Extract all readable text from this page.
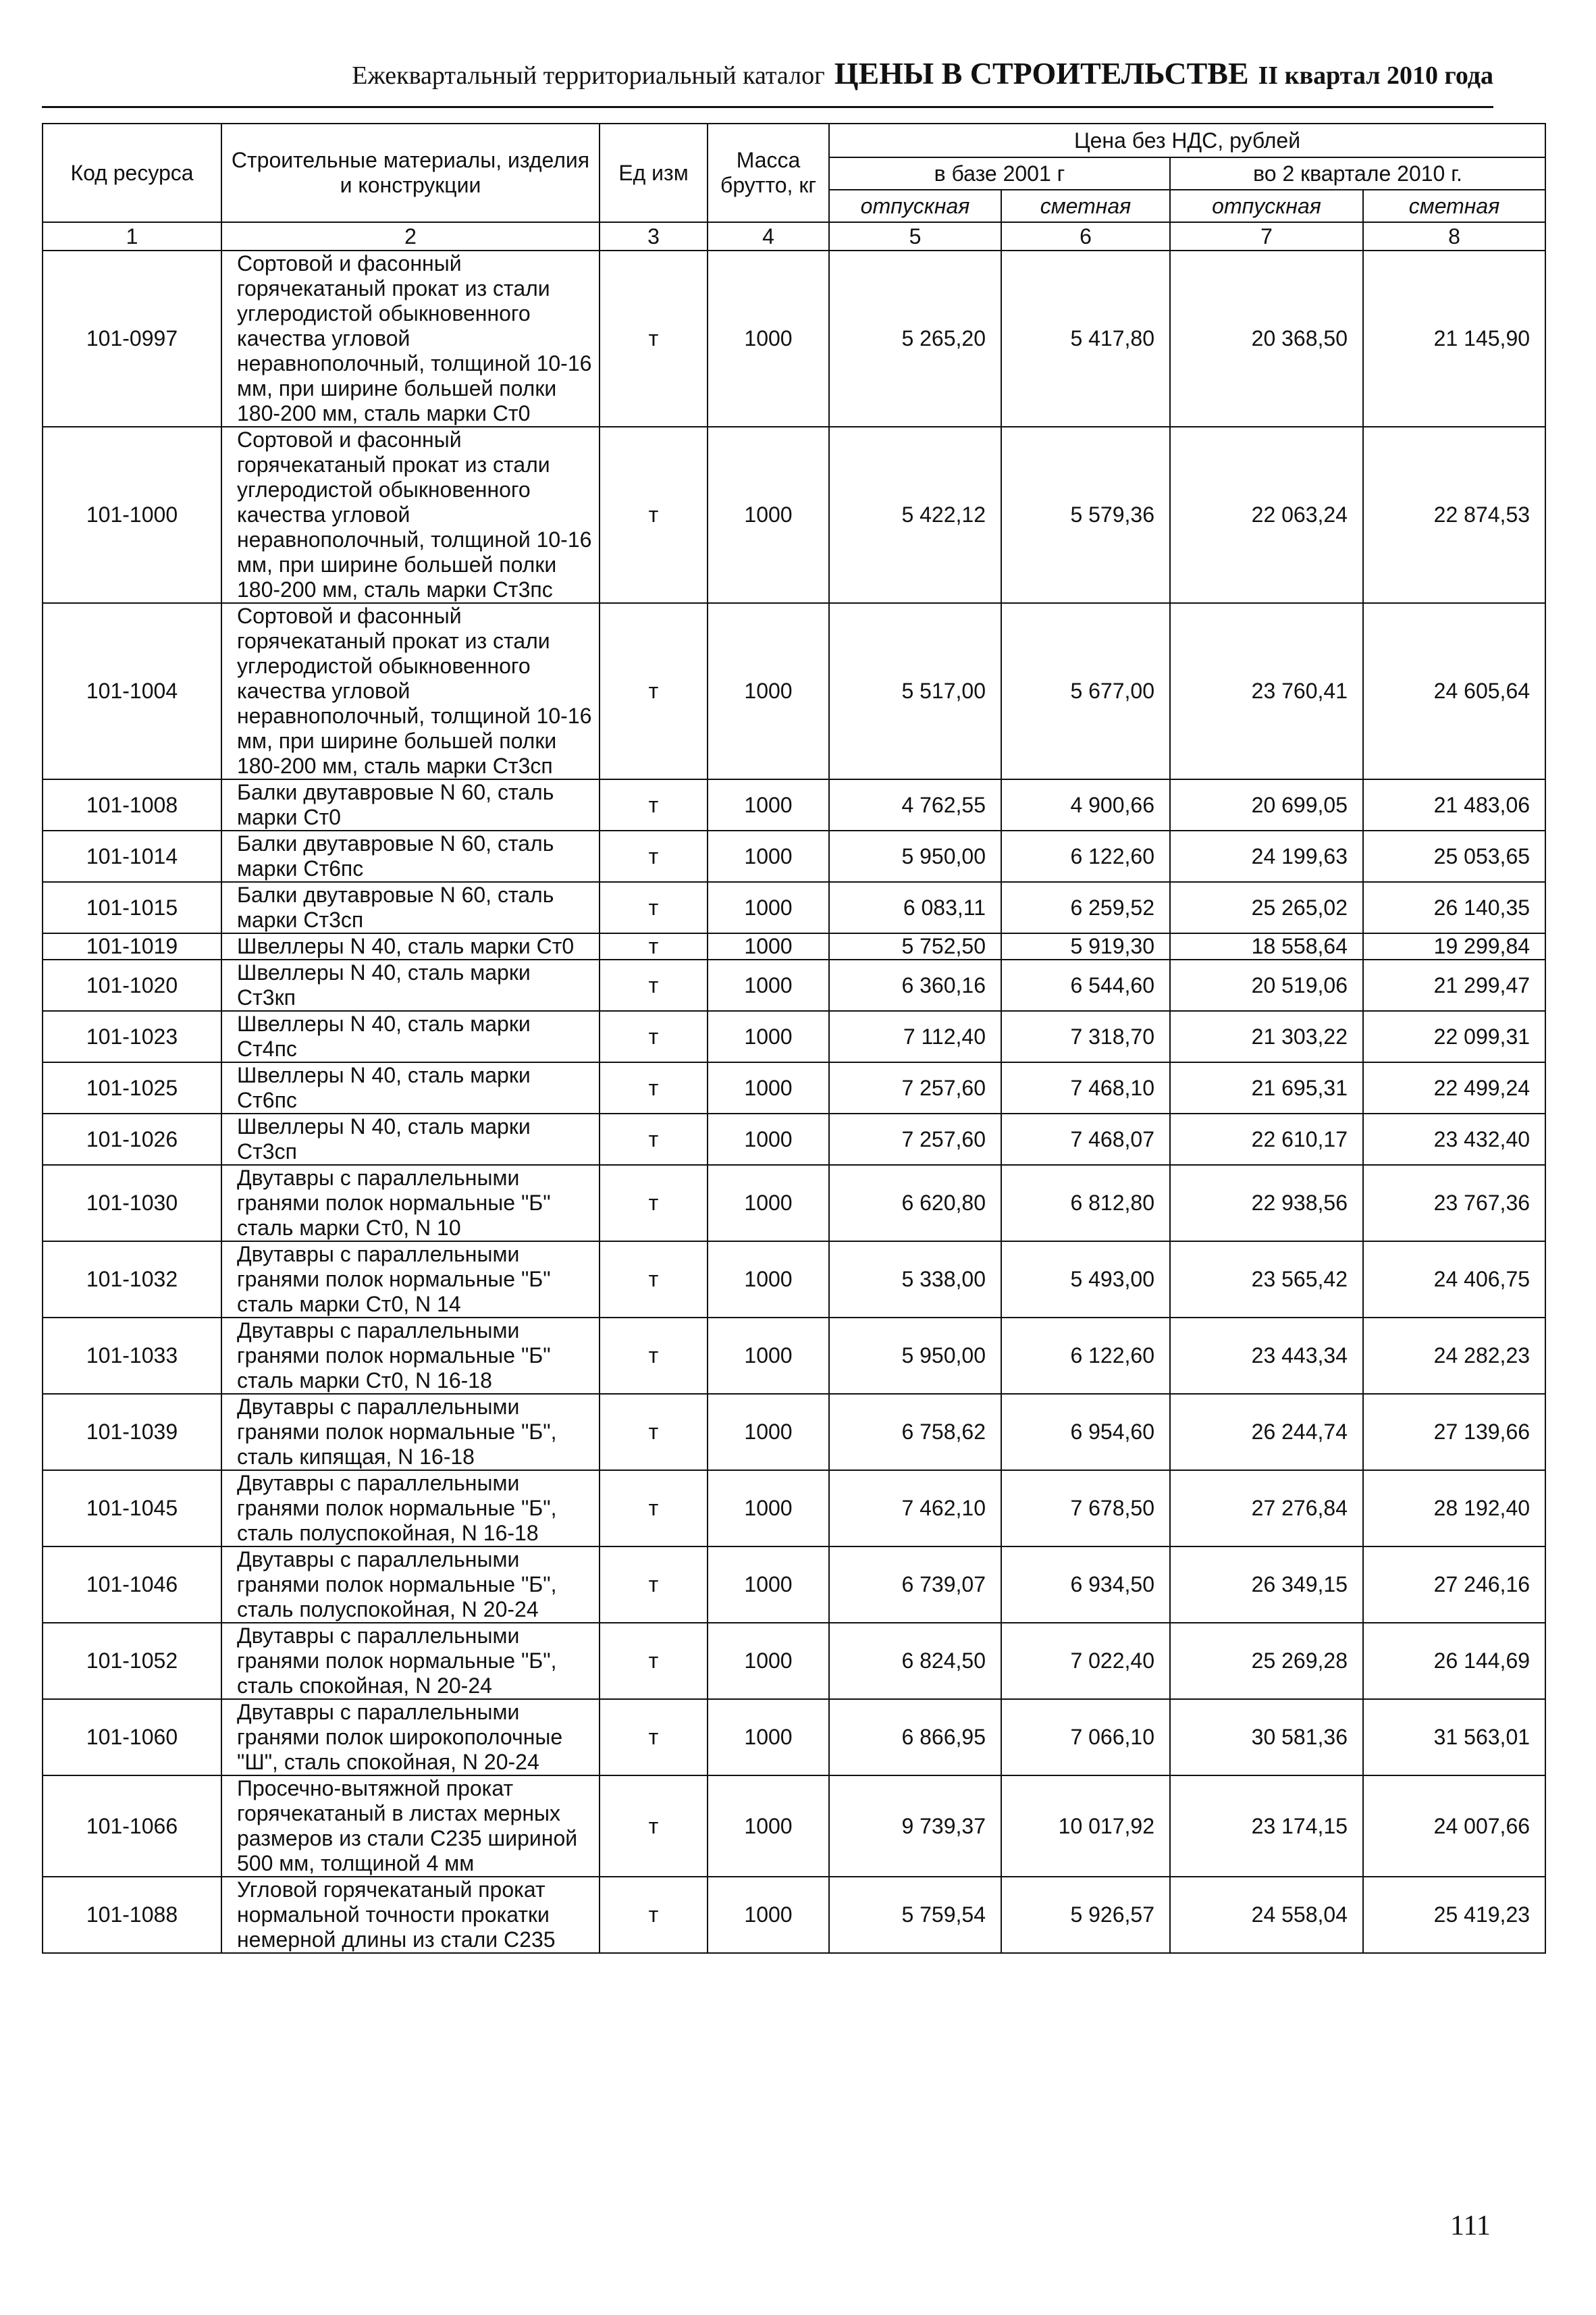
Ежеквартальный территориальный каталог ЦЕНЫ В СТРОИТЕЛЬСТВЕ II квартал 2010 года
Код ресурса	Строительные материалы, изделия и конструкции	Ед изм	Масса брутто, кг	Цена без НДС, рублей			
				в базе 2001 г		во 2 квартале 2010 г.	
				отпускная	сметная	отпускная	сметная
1	2	3	4	5	6	7	8
101-0997	Сортовой и фасонный горячекатаный прокат из стали углеродистой обыкновенного качества угловой неравнополочный, толщиной 10-16 мм, при ширине большей полки 180-200 мм, сталь марки Ст0	т	1000	5 265,20	5 417,80	20 368,50	21 145,90
101-1000	Сортовой и фасонный горячекатаный прокат из стали углеродистой обыкновенного качества угловой неравнополочный, толщиной 10-16 мм, при ширине большей полки 180-200 мм, сталь марки Ст3пс	т	1000	5 422,12	5 579,36	22 063,24	22 874,53
101-1004	Сортовой и фасонный горячекатаный прокат из стали углеродистой обыкновенного качества угловой неравнополочный, толщиной 10-16 мм, при ширине большей полки 180-200 мм, сталь марки Ст3сп	т	1000	5 517,00	5 677,00	23 760,41	24 605,64
101-1008	Балки двутавровые N 60, сталь марки Ст0	т	1000	4 762,55	4 900,66	20 699,05	21 483,06
101-1014	Балки двутавровые N 60, сталь марки Ст6пс	т	1000	5 950,00	6 122,60	24 199,63	25 053,65
101-1015	Балки двутавровые N 60, сталь марки Ст3сп	т	1000	6 083,11	6 259,52	25 265,02	26 140,35
101-1019	Швеллеры N 40, сталь марки Ст0	т	1000	5 752,50	5 919,30	18 558,64	19 299,84
101-1020	Швеллеры N 40, сталь марки Ст3кп	т	1000	6 360,16	6 544,60	20 519,06	21 299,47
101-1023	Швеллеры N 40, сталь марки Ст4пс	т	1000	7 112,40	7 318,70	21 303,22	22 099,31
101-1025	Швеллеры N 40, сталь марки Ст6пс	т	1000	7 257,60	7 468,10	21 695,31	22 499,24
101-1026	Швеллеры N 40, сталь марки Ст3сп	т	1000	7 257,60	7 468,07	22 610,17	23 432,40
101-1030	Двутавры с параллельными гранями полок нормальные "Б" сталь марки Ст0, N 10	т	1000	6 620,80	6 812,80	22 938,56	23 767,36
101-1032	Двутавры с параллельными гранями полок нормальные "Б" сталь марки Ст0, N 14	т	1000	5 338,00	5 493,00	23 565,42	24 406,75
101-1033	Двутавры с параллельными гранями полок нормальные "Б" сталь марки Ст0, N 16-18	т	1000	5 950,00	6 122,60	23 443,34	24 282,23
101-1039	Двутавры с параллельными гранями полок нормальные "Б", сталь кипящая, N 16-18	т	1000	6 758,62	6 954,60	26 244,74	27 139,66
101-1045	Двутавры с параллельными гранями полок нормальные "Б", сталь полуспокойная, N 16-18	т	1000	7 462,10	7 678,50	27 276,84	28 192,40
101-1046	Двутавры с параллельными гранями полок нормальные "Б", сталь полуспокойная, N 20-24	т	1000	6 739,07	6 934,50	26 349,15	27 246,16
101-1052	Двутавры с параллельными гранями полок нормальные "Б", сталь спокойная, N 20-24	т	1000	6 824,50	7 022,40	25 269,28	26 144,69
101-1060	Двутавры с параллельными гранями полок широкополочные "Ш", сталь спокойная, N 20-24	т	1000	6 866,95	7 066,10	30 581,36	31 563,01
101-1066	Просечно-вытяжной прокат горячекатаный в листах мерных размеров из стали С235 шириной 500 мм, толщиной 4 мм	т	1000	9 739,37	10 017,92	23 174,15	24 007,66
101-1088	Угловой горячекатаный прокат нормальной точности прокатки немерной длины из стали С235	т	1000	5 759,54	5 926,57	24 558,04	25 419,23
111
